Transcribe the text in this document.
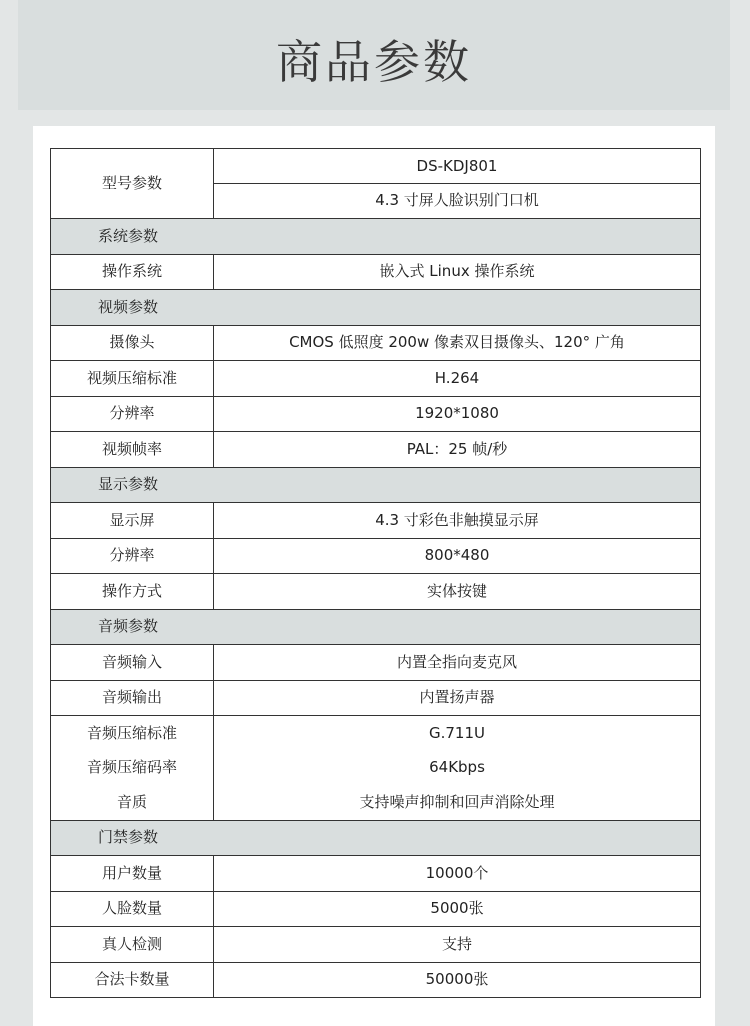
商品参数
型号参数	DS-KDJ801
	4.3 寸屏人脸识别门口机
系统参数	
操作系统	嵌入式 Linux 操作系统
视频参数	
摄像头	CMOS 低照度 200w 像素双目摄像头、120° 广角
视频压缩标准	H.264
分辨率	1920*1080
视频帧率	PAL：25 帧/秒
显示参数	
显示屏	4.3 寸彩色非触摸显示屏
分辨率	800*480
操作方式	实体按键
音频参数	
音频输入	内置全指向麦克风
音频输出	内置扬声器
音频压缩标准	G.711U
音频压缩码率	64Kbps
音质	支持噪声抑制和回声消除处理
门禁参数	
用户数量	10000个
人脸数量	5000张
真人检测	支持
合法卡数量	50000张
